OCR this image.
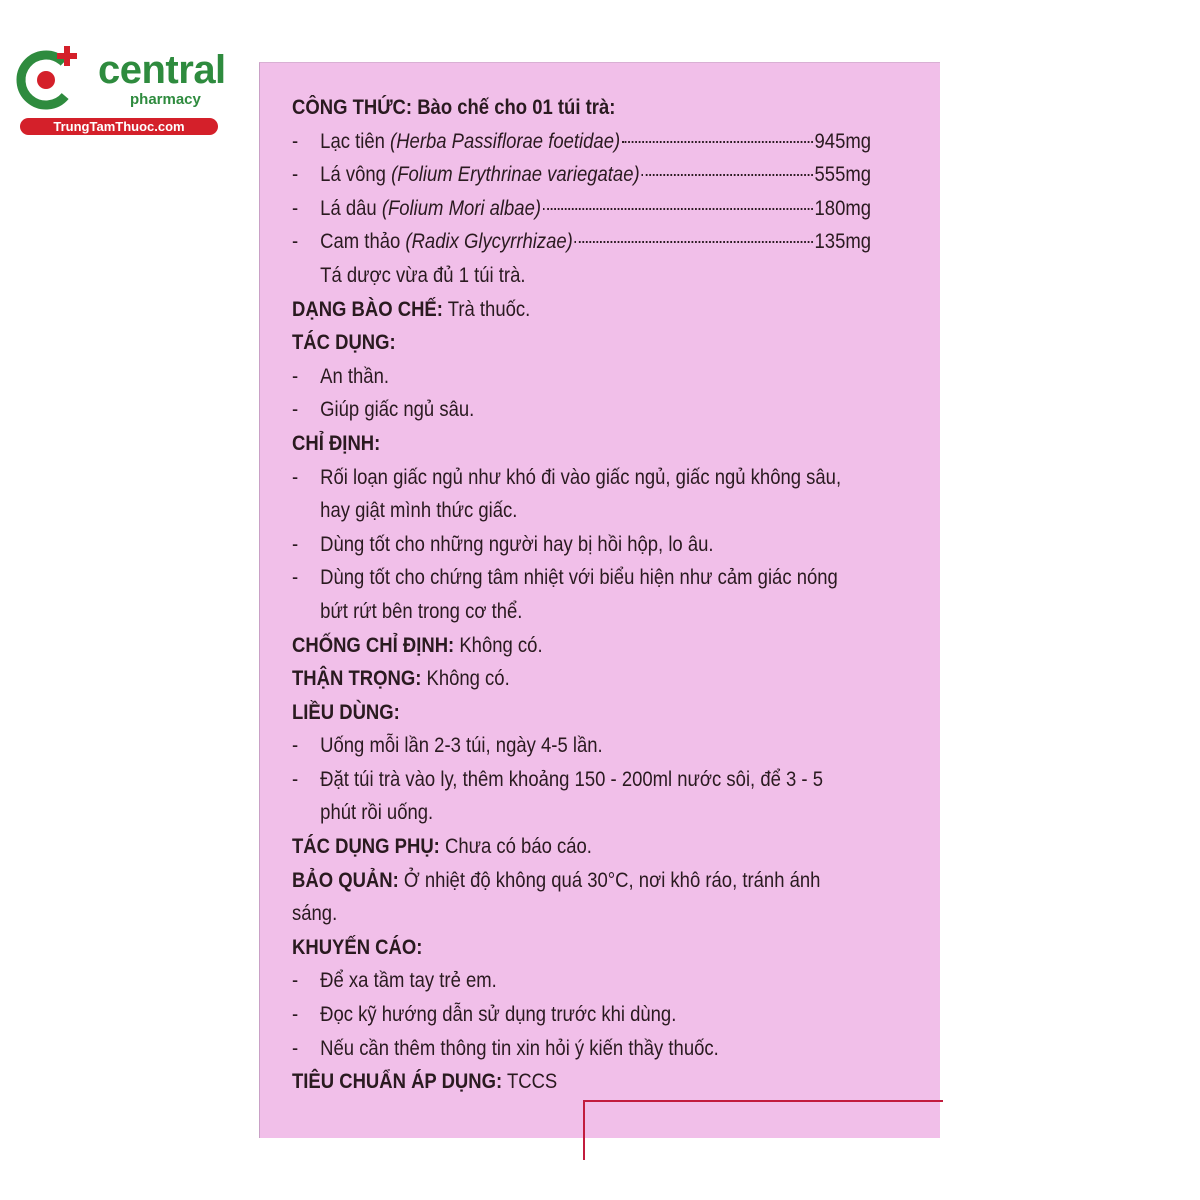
central
pharmacy
TrungTamThuoc.com
CÔNG THỨC: Bào chế cho 01 túi trà:
-	Lạc tiên (Herba Passiflorae foetidae)	945mg
-	Lá vông (Folium Erythrinae variegatae)	555mg
-	Lá dâu (Folium Mori albae)	180mg
-	Cam thảo (Radix Glycyrrhizae)	135mg
Tá dược vừa đủ 1 túi trà.
DẠNG BÀO CHẾ: Trà thuốc.
TÁC DỤNG:
- An thần.
- Giúp giấc ngủ sâu.
CHỈ ĐỊNH:
- Rối loạn giấc ngủ như khó đi vào giấc ngủ, giấc ngủ không sâu,
hay giật mình thức giấc.
- Dùng tốt cho những người hay bị hồi hộp, lo âu.
- Dùng tốt cho chứng tâm nhiệt với biểu hiện như cảm giác nóng
bứt rứt bên trong cơ thể.
CHỐNG CHỈ ĐỊNH: Không có.
THẬN TRỌNG: Không có.
LIỀU DÙNG:
- Uống mỗi lần 2-3 túi, ngày 4-5 lần.
- Đặt túi trà vào ly, thêm khoảng 150 - 200ml nước sôi, để 3 - 5
phút rồi uống.
TÁC DỤNG PHỤ: Chưa có báo cáo.
BẢO QUẢN: Ở nhiệt độ không quá 30°C, nơi khô ráo, tránh ánh
sáng.
KHUYẾN CÁO:
- Để xa tầm tay trẻ em.
- Đọc kỹ hướng dẫn sử dụng trước khi dùng.
- Nếu cần thêm thông tin xin hỏi ý kiến thầy thuốc.
TIÊU CHUẨN ÁP DỤNG: TCCS
